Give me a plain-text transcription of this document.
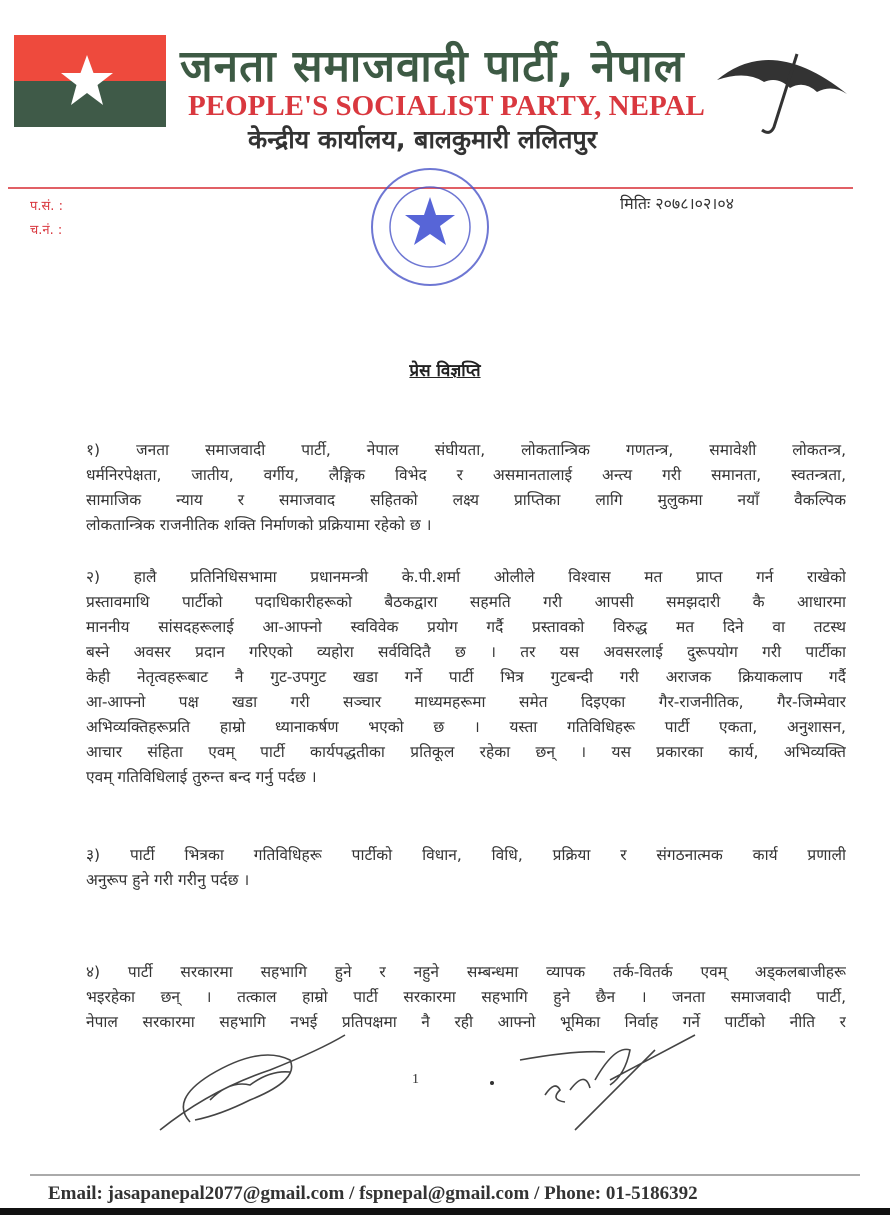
जनता समाजवादी पार्टी, नेपाल
PEOPLE'S SOCIALIST PARTY, NEPAL
केन्द्रीय कार्यालय, बालकुमारी ललितपुर
प.सं. :
च.नं. :
मितिः २०७८।०२।०४
प्रेस विज्ञप्ति
१) जनता समाजवादी पार्टी, नेपाल संघीयता, लोकतान्त्रिक गणतन्त्र, समावेशी लोकतन्त्र,
धर्मनिरपेक्षता, जातीय, वर्गीय, लैङ्गिक विभेद र असमानतालाई अन्त्य गरी समानता, स्वतन्त्रता,
सामाजिक न्याय र समाजवाद सहितको लक्ष्य प्राप्तिका लागि मुलुकमा नयाँ वैकल्पिक
लोकतान्त्रिक राजनीतिक शक्ति निर्माणको प्रक्रियामा रहेको छ ।
२) हालै प्रतिनिधिसभामा प्रधानमन्त्री के.पी.शर्मा ओलीले विश्वास मत प्राप्त गर्न राखेको
प्रस्तावमाथि पार्टीको पदाधिकारीहरूको बैठकद्वारा सहमति गरी आपसी समझदारी कै आधारमा
माननीय सांसदहरूलाई आ-आफ्नो स्वविवेक प्रयोग गर्दै प्रस्तावको विरुद्ध मत दिने वा तटस्थ
बस्ने अवसर प्रदान गरिएको व्यहोरा सर्वविदितै छ । तर यस अवसरलाई दुरूपयोग गरी पार्टीका
केही नेतृत्वहरूबाट नै गुट-उपगुट खडा गर्ने पार्टी भित्र गुटबन्दी गरी अराजक क्रियाकलाप गर्दै
आ-आफ्नो पक्ष खडा गरी सञ्चार माध्यमहरूमा समेत दिइएका गैर-राजनीतिक, गैर-जिम्मेवार
अभिव्यक्तिहरूप्रति हाम्रो ध्यानाकर्षण भएको छ । यस्ता गतिविधिहरू पार्टी एकता, अनुशासन,
आचार संहिता एवम् पार्टी कार्यपद्धतीका प्रतिकूल रहेका छन् । यस प्रकारका कार्य, अभिव्यक्ति
एवम् गतिविधिलाई तुरुन्त बन्द गर्नु पर्दछ ।
३) पार्टी भित्रका गतिविधिहरू पार्टीको विधान, विधि, प्रक्रिया र संगठनात्मक कार्य प्रणाली
अनुरूप हुने गरी गरीनु पर्दछ ।
४) पार्टी सरकारमा सहभागि हुने र नहुने सम्बन्धमा व्यापक तर्क-वितर्क एवम् अड्कलबाजीहरू
भइरहेका छन् । तत्काल हाम्रो पार्टी सरकारमा सहभागि हुने छैन । जनता समाजवादी पार्टी,
नेपाल सरकारमा सहभागि नभई प्रतिपक्षमा नै रही आफ्नो भूमिका निर्वाह गर्ने पार्टीको नीति र
1
Email: jasapanepal2077@gmail.com / fspnepal@gmail.com / Phone: 01-5186392
